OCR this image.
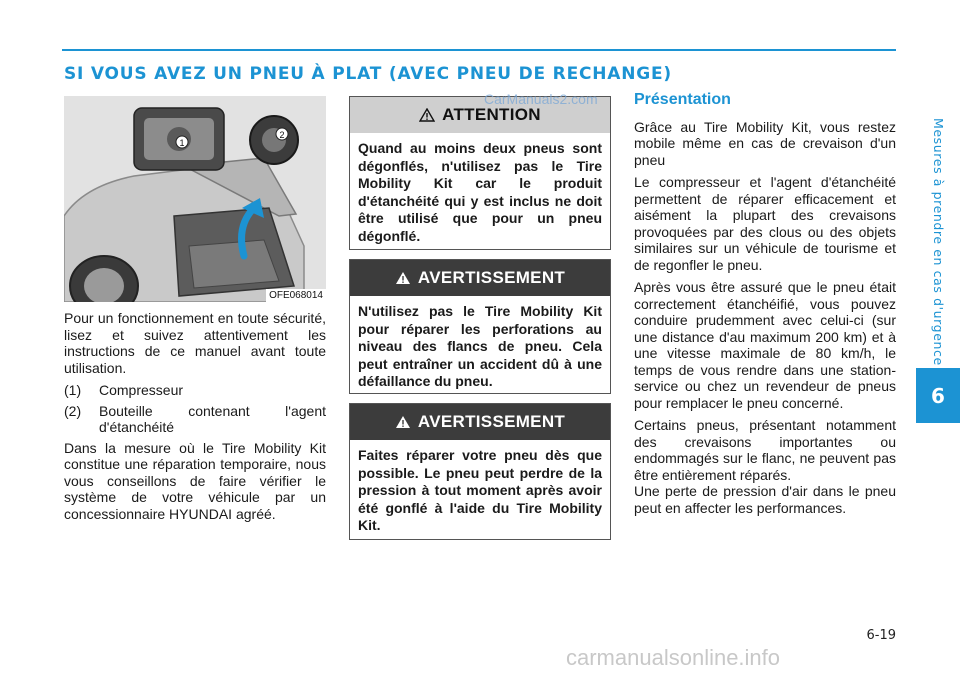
SI VOUS AVEZ UN PNEU À PLAT (AVEC PNEU DE RECHANGE)
Mesures à prendre en cas d'urgence
6
6-19
1
2
OFE068014

Pour un fonctionnement en toute sécurité, lisez et suivez attentivement les instructions de ce manuel avant toute utilisation.

(1)	Compresseur
(2)	Bouteille contenant l'agent d'étanchéité

Dans la mesure où le Tire Mobility Kit constitue une réparation temporaire, nous vous conseillons de faire vérifier le système de votre véhicule par un concessionnaire HYUNDAI agréé.

ATTENTION
Quand au moins deux pneus sont dégonflés, n'utilisez pas le Tire Mobility Kit car le produit d'étanchéité qui y est inclus ne doit être utilisé que pour un pneu dégonflé.
AVERTISSEMENT
N'utilisez pas le Tire Mobility Kit pour réparer les perforations au niveau des flancs de pneu. Cela peut entraîner un accident dû à une défaillance du pneu.
AVERTISSEMENT
Faites réparer votre pneu dès que possible. Le pneu peut perdre de la pression à tout moment après avoir été gonflé à l'aide du Tire Mobility Kit.
Présentation

Grâce au Tire Mobility Kit, vous restez mobile même en cas de crevaison d'un pneu

Le compresseur et l'agent d'étanchéité permettent de réparer efficacement et aisément la plupart des crevaisons provoquées par des clous ou des objets similaires sur un véhicule de tourisme et de regonfler le pneu.

Après vous être assuré que le pneu était correctement étanchéifié, vous pouvez conduire prudemment avec celui-ci (sur une distance d'au maximum 200 km) et à une vitesse maximale de 80 km/h, le temps de vous rendre dans une station-service ou chez un revendeur de pneus pour remplacer le pneu concerné.

Certains pneus, présentant notamment des crevaisons importantes ou endommagés sur le flanc, ne peuvent pas être entièrement réparés.

Une perte de pression d'air dans le pneu peut en affecter les performances.

CarManuals2.com
carmanualsonline.info
